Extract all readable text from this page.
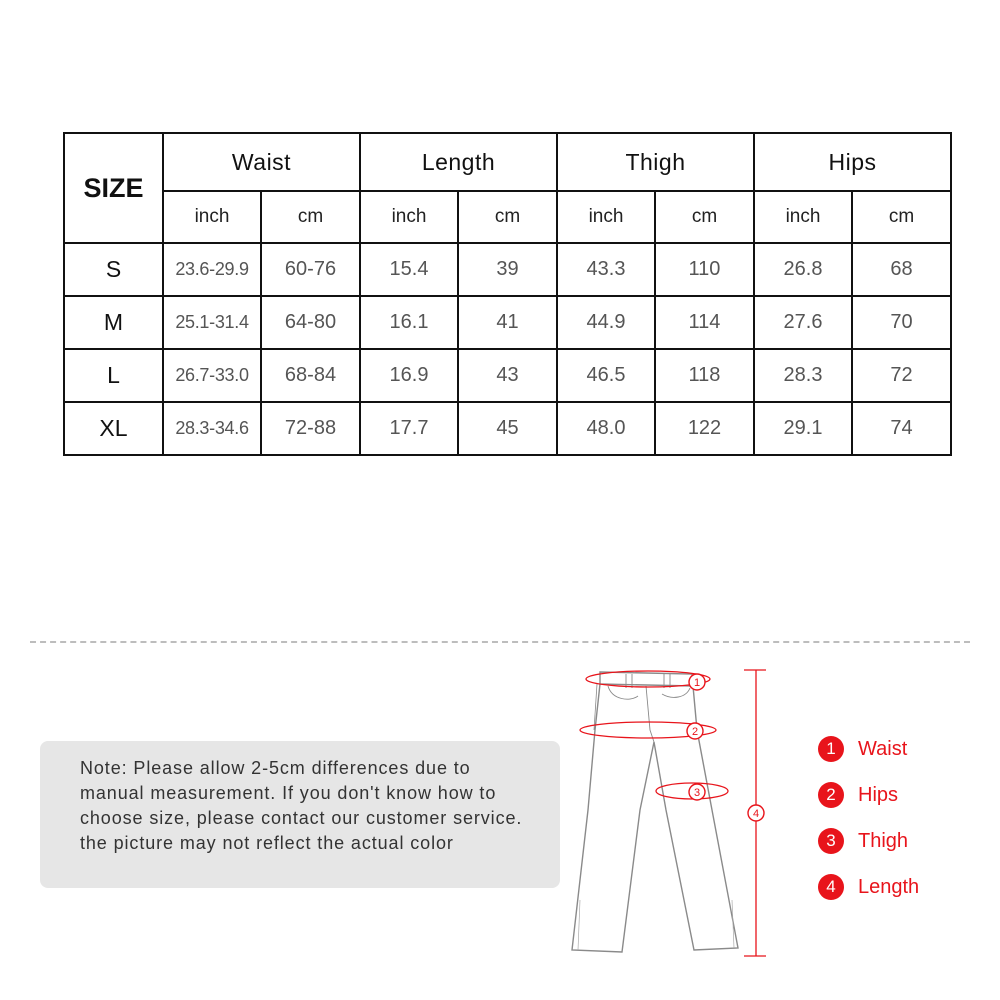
SIZE	Waist		Length		Thigh		Hips	
	inch	cm	inch	cm	inch	cm	inch	cm
S	23.6-29.9	60-76	15.4	39	43.3	110	26.8	68
M	25.1-31.4	64-80	16.1	41	44.9	114	27.6	70
L	26.7-33.0	68-84	16.9	43	46.5	118	28.3	72
XL	28.3-34.6	72-88	17.7	45	48.0	122	29.1	74
Note: Please allow 2-5cm differences due to manual measurement. If you don't know how to choose size, please contact our customer service. the picture may not reflect the actual color
1
2
3
4
1	Waist
2	Hips
3	Thigh
4	Length
